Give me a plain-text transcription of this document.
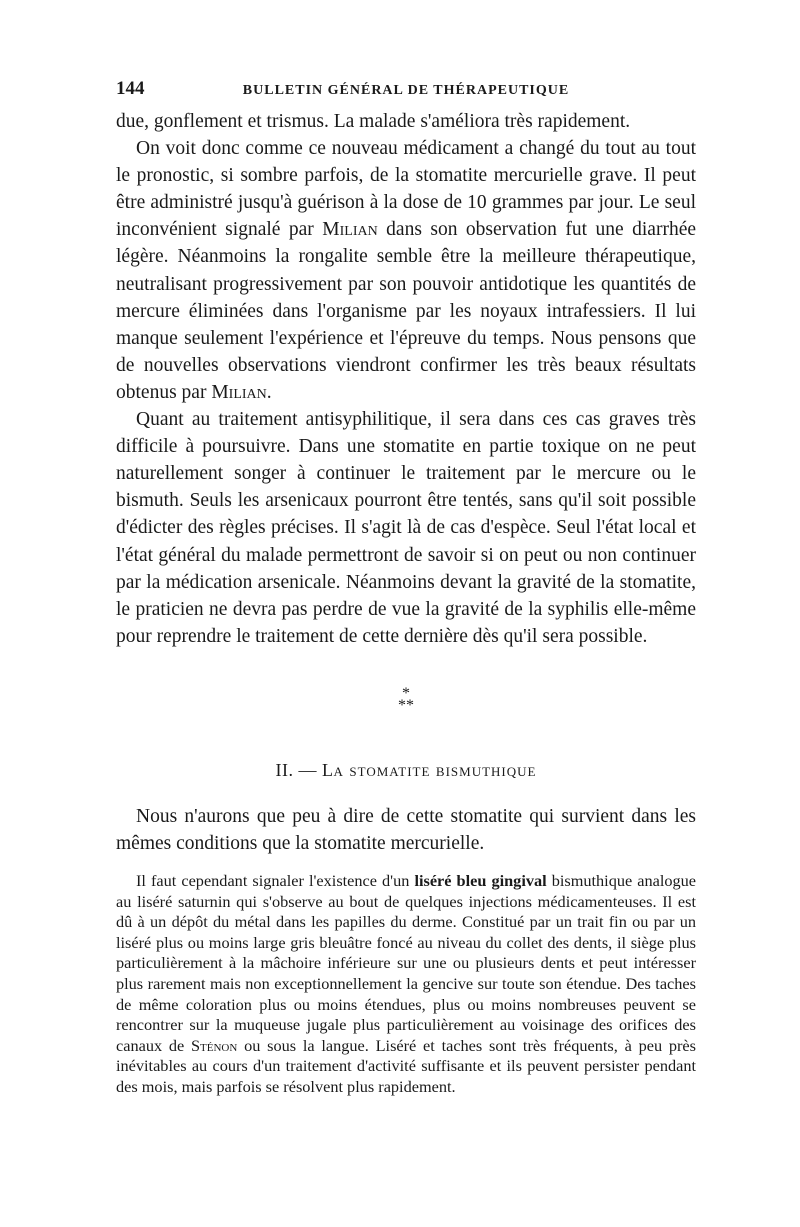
144	BULLETIN GÉNÉRAL DE THÉRAPEUTIQUE

due, gonflement et trismus. La malade s'améliora très rapidement.

On voit donc comme ce nouveau médicament a changé du tout au tout le pronostic, si sombre parfois, de la stomatite mercurielle grave. Il peut être administré jusqu'à guérison à la dose de 10 grammes par jour. Le seul inconvénient signalé par Milian dans son observation fut une diarrhée légère. Néanmoins la rongalite semble être la meilleure thérapeutique, neutralisant progressivement par son pouvoir antidotique les quantités de mercure éliminées dans l'organisme par les noyaux intrafessiers. Il lui manque seulement l'expérience et l'épreuve du temps. Nous pensons que de nouvelles observations viendront confirmer les très beaux résultats obtenus par Milian.

Quant au traitement antisyphilitique, il sera dans ces cas graves très difficile à poursuivre. Dans une stomatite en partie toxique on ne peut naturellement songer à continuer le traitement par le mercure ou le bismuth. Seuls les arsenicaux pourront être tentés, sans qu'il soit possible d'édicter des règles précises. Il s'agit là de cas d'espèce. Seul l'état local et l'état général du malade permettront de savoir si on peut ou non continuer par la médication arsenicale. Néanmoins devant la gravité de la stomatite, le praticien ne devra pas perdre de vue la gravité de la syphilis elle-même pour reprendre le traitement de cette dernière dès qu'il sera possible.

*
**
II. — La stomatite bismuthique

Nous n'aurons que peu à dire de cette stomatite qui survient dans les mêmes conditions que la stomatite mercurielle.

Il faut cependant signaler l'existence d'un liséré bleu gingival bismuthique analogue au liséré saturnin qui s'observe au bout de quelques injections médicamenteuses. Il est dû à un dépôt du métal dans les papilles du derme. Constitué par un trait fin ou par un liséré plus ou moins large gris bleuâtre foncé au niveau du collet des dents, il siège plus particulièrement à la mâchoire inférieure sur une ou plusieurs dents et peut intéresser plus rarement mais non exceptionnellement la gencive sur toute son étendue. Des taches de même coloration plus ou moins étendues, plus ou moins nombreuses peuvent se rencontrer sur la muqueuse jugale plus particulièrement au voisinage des orifices des canaux de Sténon ou sous la langue. Liséré et taches sont très fréquents, à peu près inévitables au cours d'un traitement d'activité suffisante et ils peuvent persister pendant des mois, mais parfois se résolvent plus rapidement.
